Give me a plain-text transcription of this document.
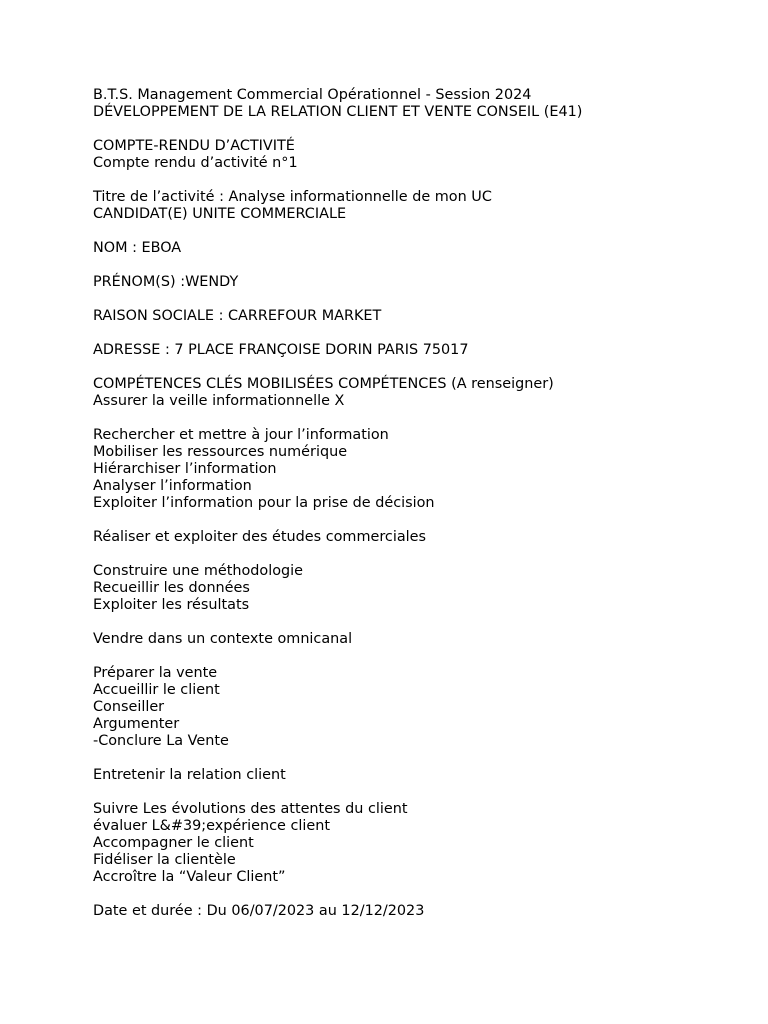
B.T.S. Management Commercial Opérationnel - Session 2024
DÉVELOPPEMENT DE LA RELATION CLIENT ET VENTE CONSEIL (E41)
COMPTE-RENDU D’ACTIVITÉ
Compte rendu d’activité n°1
Titre de l’activité : Analyse informationnelle de mon UC
CANDIDAT(E) UNITE COMMERCIALE
NOM : EBOA
PRÉNOM(S) :WENDY
RAISON SOCIALE : CARREFOUR MARKET
ADRESSE : 7 PLACE FRANÇOISE DORIN PARIS 75017
COMPÉTENCES CLÉS MOBILISÉES COMPÉTENCES (A renseigner)
Assurer la veille informationnelle X
Rechercher et mettre à jour l’information
Mobiliser les ressources numérique
Hiérarchiser l’information
Analyser l’information
Exploiter l’information pour la prise de décision
Réaliser et exploiter des études commerciales
Construire une méthodologie
Recueillir les données
Exploiter les résultats
Vendre dans un contexte omnicanal
Préparer la vente
Accueillir le client
Conseiller
Argumenter
-Conclure La Vente
Entretenir la relation client
Suivre Les évolutions des attentes du client
évaluer L&#39;expérience client
Accompagner le client
Fidéliser la clientèle
Accroître la “Valeur Client”
Date et durée : Du 06/07/2023 au 12/12/2023
